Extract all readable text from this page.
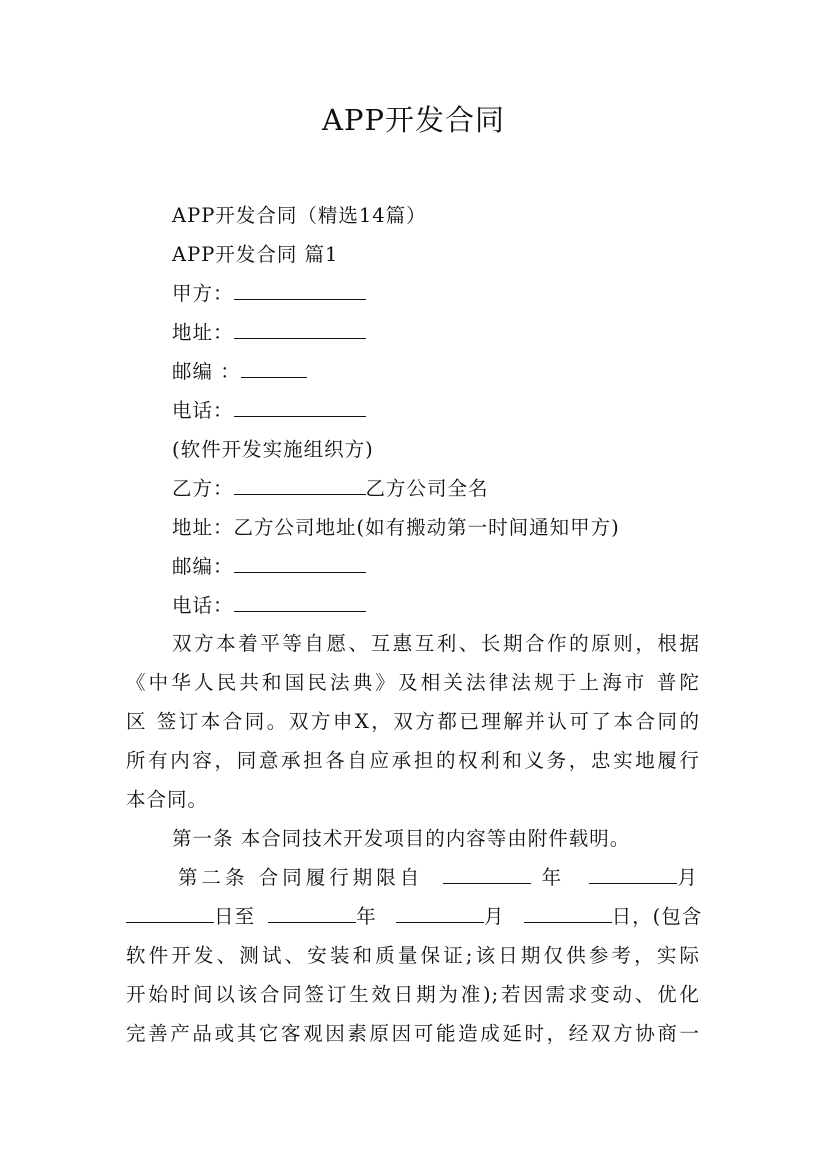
APP开发合同
APP开发合同（精选14篇）
APP开发合同 篇1
甲方：
地址：
邮编 ：
电话：
(软件开发实施组织方)
乙方：	乙方公司全名
地址：乙方公司地址(如有搬动第一时间通知甲方)
邮编：
电话：
双方本着平等自愿、互惠互利、长期合作的原则，根据
《中华人民共和国民法典》及相关法律法规于上海市 普陀
区 签订本合同。双方申X，双方都已理解并认可了本合同的
所有内容，同意承担各自应承担的权利和义务，忠实地履行
本合同。
第一条 本合同技术开发项目的内容等由附件载明。
第二条 合同履行期限自	年	月
日至	年	月	日，(包含
软件开发、测试、安装和质量保证;该日期仅供参考，实际
开始时间以该合同签订生效日期为准);若因需求变动、优化
完善产品或其它客观因素原因可能造成延时，经双方协商一
